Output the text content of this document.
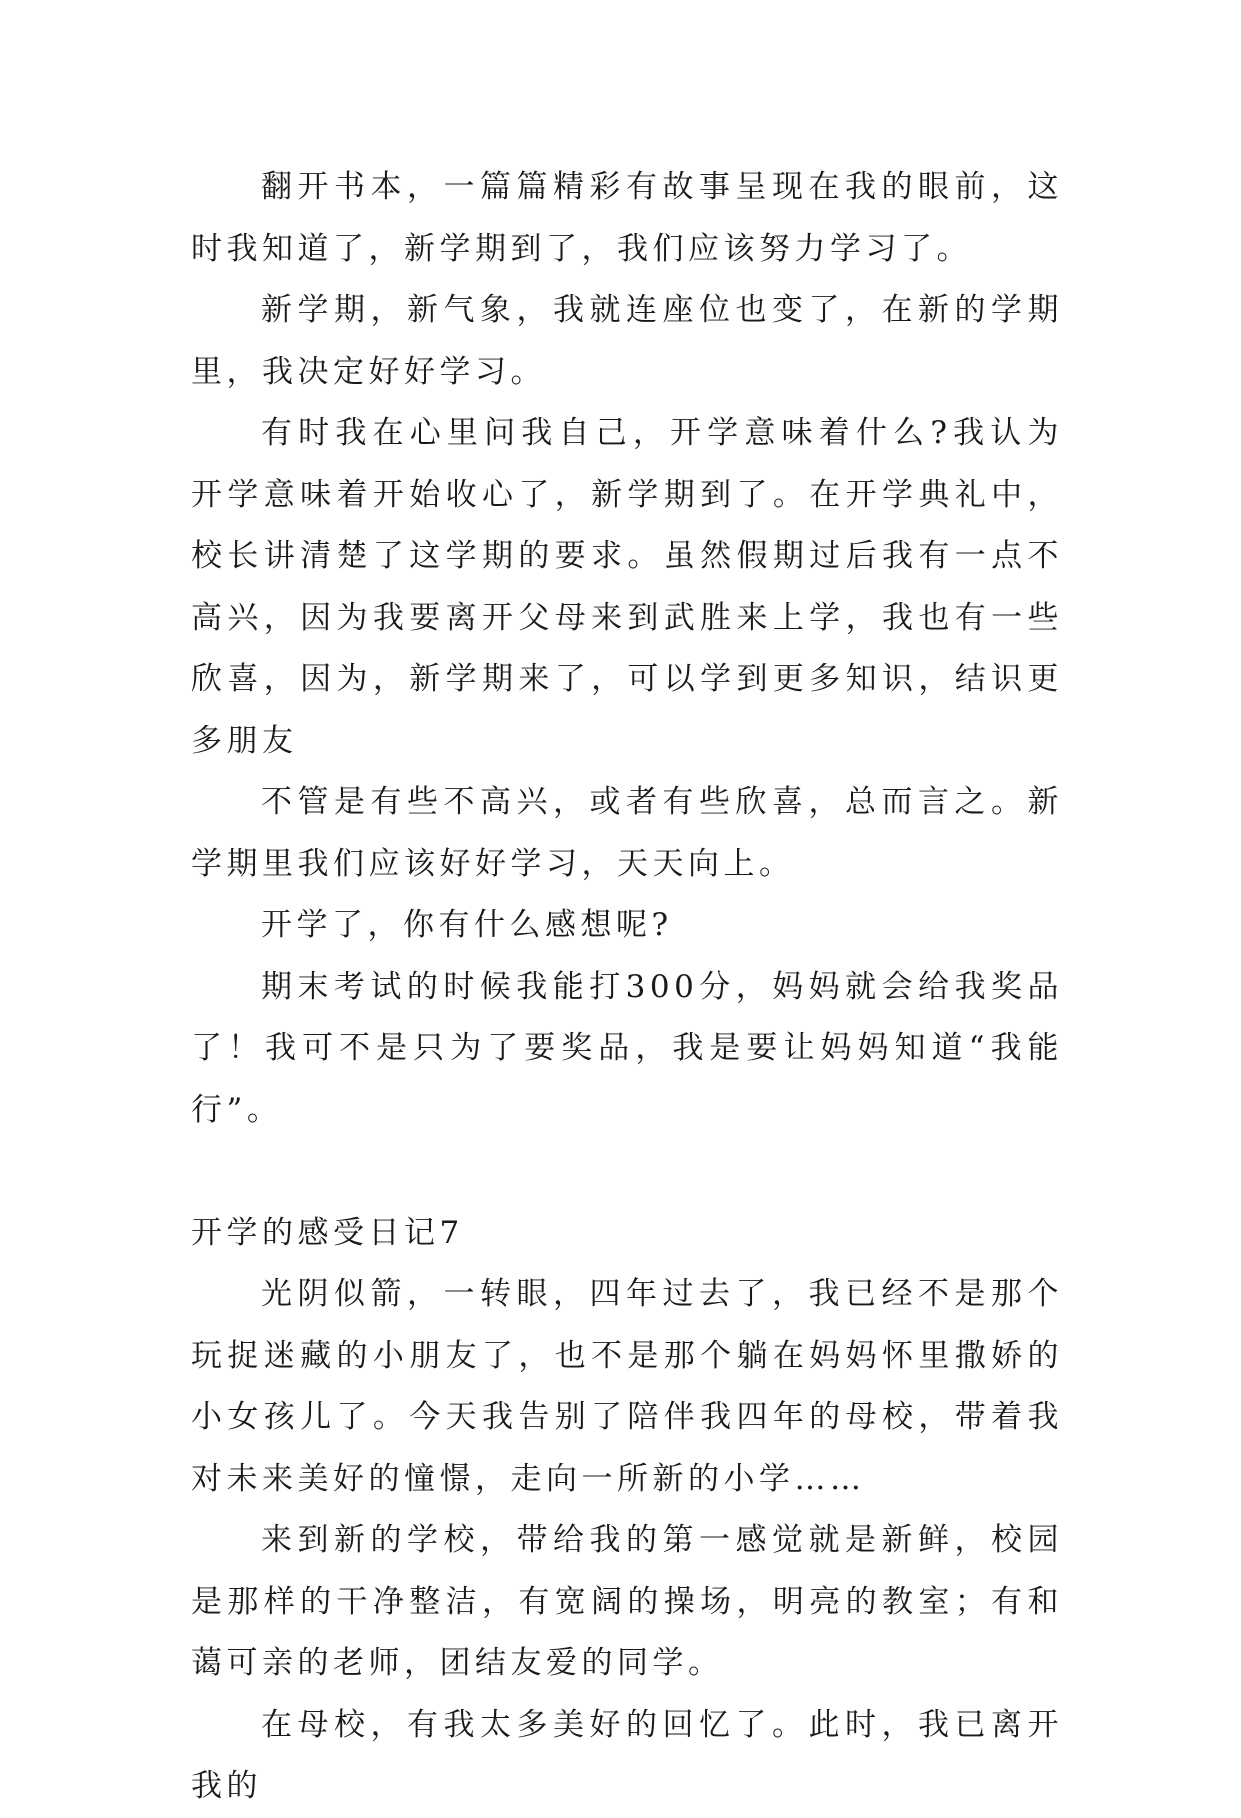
翻开书本，一篇篇精彩有故事呈现在我的眼前，这时我知道了，新学期到了，我们应该努力学习了。

新学期，新气象，我就连座位也变了，在新的学期里，我决定好好学习。

有时我在心里问我自己，开学意味着什么?我认为开学意味着开始收心了，新学期到了。在开学典礼中，校长讲清楚了这学期的要求。虽然假期过后我有一点不高兴，因为我要离开父母来到武胜来上学，我也有一些欣喜，因为，新学期来了，可以学到更多知识，结识更多朋友

不管是有些不高兴，或者有些欣喜，总而言之。新学期里我们应该好好学习，天天向上。

开学了，你有什么感想呢?

期末考试的时候我能打300分，妈妈就会给我奖品了！我可不是只为了要奖品，我是要让妈妈知道“我能行”。

开学的感受日记7

光阴似箭，一转眼，四年过去了，我已经不是那个玩捉迷藏的小朋友了，也不是那个躺在妈妈怀里撒娇的小女孩儿了。今天我告别了陪伴我四年的母校，带着我对未来美好的憧憬，走向一所新的小学……

来到新的学校，带给我的第一感觉就是新鲜，校园是那样的干净整洁，有宽阔的操场，明亮的教室；有和蔼可亲的老师，团结友爱的同学。

在母校，有我太多美好的回忆了。此时，我已离开我的
